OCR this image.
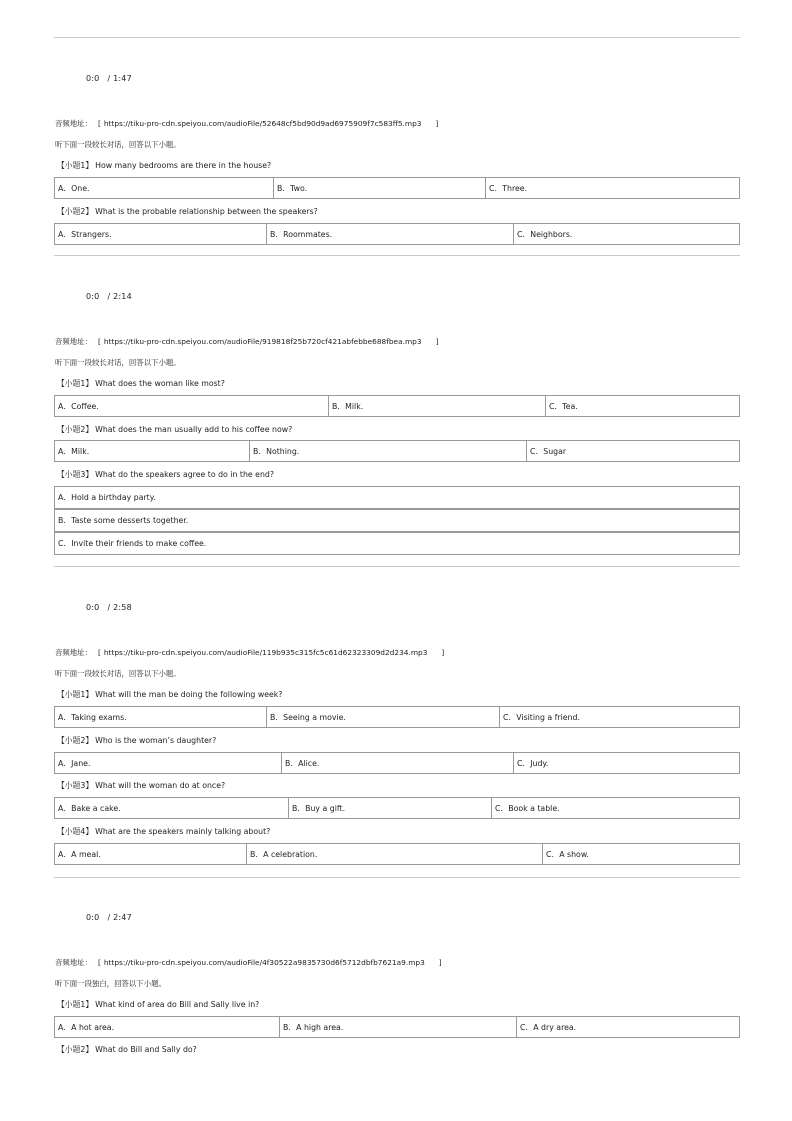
0:0 / 1:47
音频地址： [ https://tiku-pro-cdn.speiyou.com/audioFile/52648cf5bd90d9ad6975909f7c583ff5.mp3 ]
听下面一段较长对话，回答以下小题。
【小题1】 How many bedrooms are there in the house?
A．One.	B．Two.	C．Three.
【小题2】 What is the probable relationship between the speakers?
A．Strangers.	B．Roommates.	C．Neighbors.
0:0 / 2:14
音频地址： [ https://tiku-pro-cdn.speiyou.com/audioFile/919818f25b720cf421abfebbe688fbea.mp3 ]
听下面一段较长对话，回答以下小题。
【小题1】 What does the woman like most?
A．Coffee.	B．Milk.	C．Tea.
【小题2】 What does the man usually add to his coffee now?
A．Milk.	B．Nothing.	C．Sugar
【小题3】 What do the speakers agree to do in the end?
A．Hold a birthday party.
B．Taste some desserts together.
C．Invite their friends to make coffee.
0:0 / 2:58
音频地址： [ https://tiku-pro-cdn.speiyou.com/audioFile/119b935c315fc5c61d62323309d2d234.mp3 ]
听下面一段较长对话，回答以下小题。
【小题1】 What will the man be doing the following week?
A．Taking exams.	B．Seeing a movie.	C．Visiting a friend.
【小题2】 Who is the woman’s daughter?
A．Jane.	B．Alice.	C．Judy.
【小题3】 What will the woman do at once?
A．Bake a cake.	B．Buy a gift.	C．Book a table.
【小题4】 What are the speakers mainly talking about?
A．A meal.	B．A celebration.	C．A show.
0:0 / 2:47
音频地址： [ https://tiku-pro-cdn.speiyou.com/audioFile/4f30522a9835730d6f5712dbfb7621a9.mp3 ]
听下面一段独白，回答以下小题。
【小题1】 What kind of area do Bill and Sally live in?
A．A hot area.	B．A high area.	C．A dry area.
【小题2】 What do Bill and Sally do?
